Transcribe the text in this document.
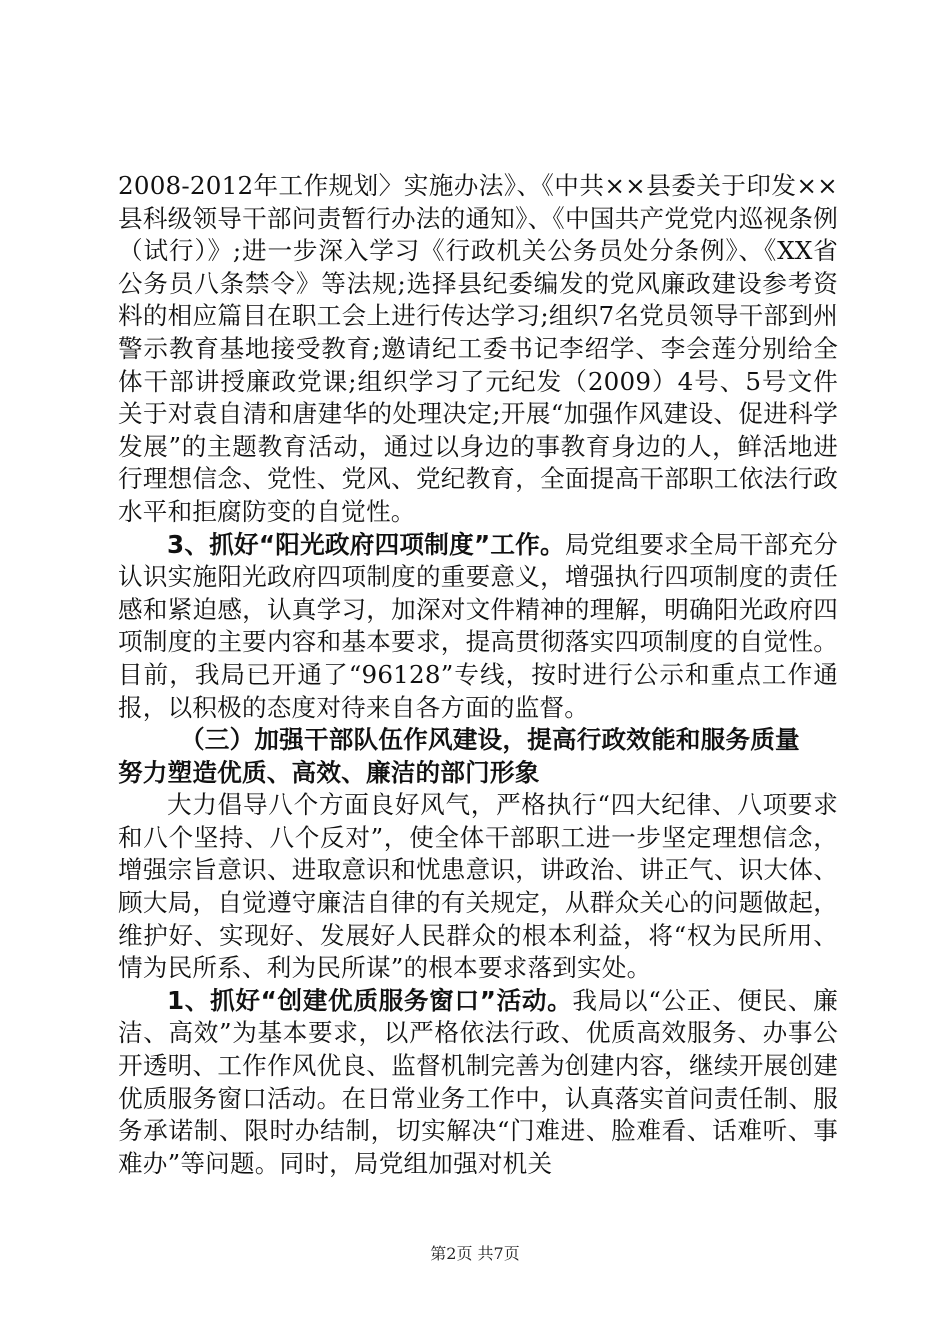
2008-2012年工作规划〉实施办法》、《中共××县委关于印发××县科级领导干部问责暂行办法的通知》、《中国共产党党内巡视条例（试行）》;进一步深入学习《行政机关公务员处分条例》、《XX省公务员八条禁令》等法规;选择县纪委编发的党风廉政建设参考资料的相应篇目在职工会上进行传达学习;组织7名党员领导干部到州警示教育基地接受教育;邀请纪工委书记李绍学、李会莲分别给全体干部讲授廉政党课;组织学习了元纪发（2009）4号、5号文件关于对袁自清和唐建华的处理决定;开展“加强作风建设、促进科学发展”的主题教育活动，通过以身边的事教育身边的人，鲜活地进行理想信念、党性、党风、党纪教育，全面提高干部职工依法行政水平和拒腐防变的自觉性。

3、抓好“阳光政府四项制度”工作。局党组要求全局干部充分认识实施阳光政府四项制度的重要意义，增强执行四项制度的责任感和紧迫感，认真学习，加深对文件精神的理解，明确阳光政府四项制度的主要内容和基本要求，提高贯彻落实四项制度的自觉性。目前，我局已开通了“96128”专线，按时进行公示和重点工作通报，以积极的态度对待来自各方面的监督。

（三）加强干部队伍作风建设，提高行政效能和服务质量
努力塑造优质、高效、廉洁的部门形象

大力倡导八个方面良好风气，严格执行“四大纪律、八项要求和八个坚持、八个反对”，使全体干部职工进一步坚定理想信念，增强宗旨意识、进取意识和忧患意识，讲政治、讲正气、识大体、顾大局，自觉遵守廉洁自律的有关规定，从群众关心的问题做起，维护好、实现好、发展好人民群众的根本利益，将“权为民所用、情为民所系、利为民所谋”的根本要求落到实处。

1、抓好“创建优质服务窗口”活动。我局以“公正、便民、廉洁、高效”为基本要求，以严格依法行政、优质高效服务、办事公开透明、工作作风优良、监督机制完善为创建内容，继续开展创建优质服务窗口活动。在日常业务工作中，认真落实首问责任制、服务承诺制、限时办结制，切实解决“门难进、脸难看、话难听、事难办”等问题。同时，局党组加强对机关

第2页 共7页
